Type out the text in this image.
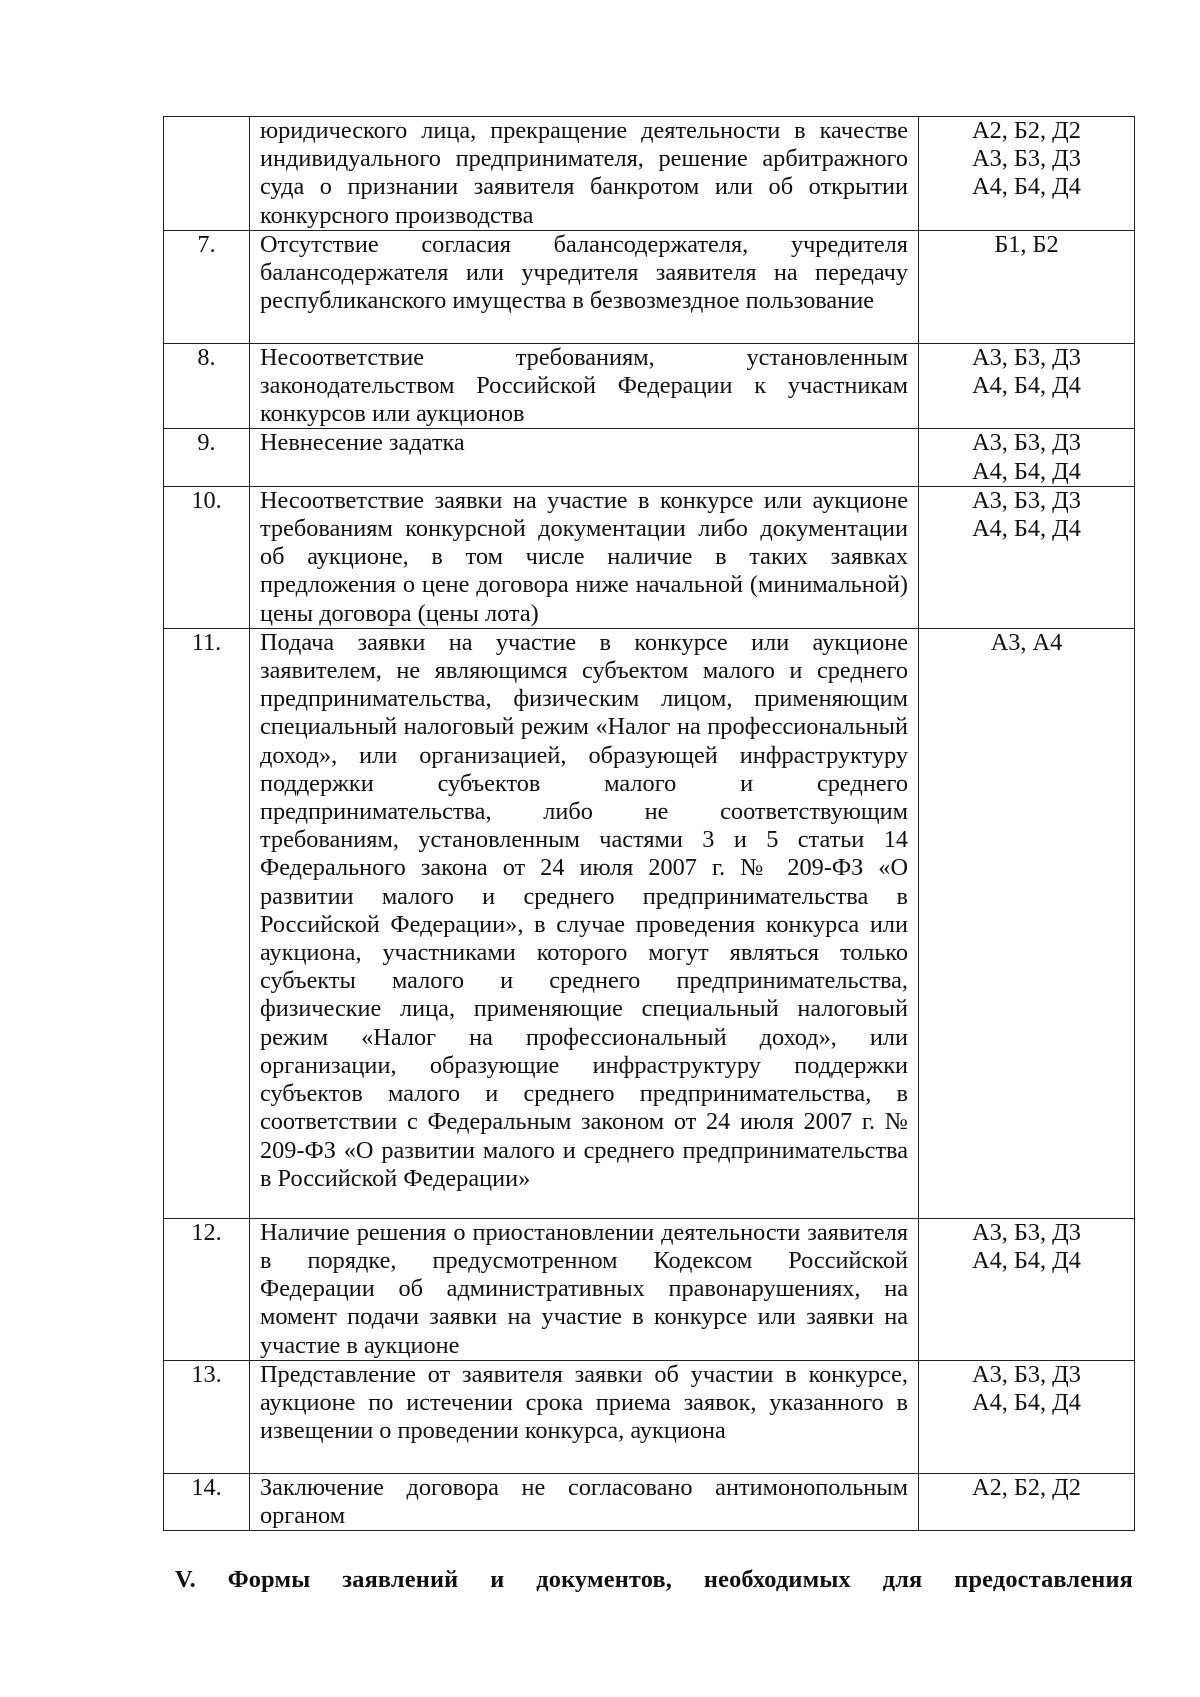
	юридического лица, прекращение деятельности в качестве индивидуального предпринимателя, решение арбитражного суда о признании заявителя банкротом или об открытии конкурсного производства	А2, Б2, Д2
А3, Б3, Д3
А4, Б4, Д4

7.	Отсутствие согласия балансодержателя, учредителя балансодержателя или учредителя заявителя на передачу республиканского имущества в безвозмездное пользование	Б1, Б2

8.	Несоответствие требованиям, установленным законодательством Российской Федерации к участникам конкурсов или аукционов	А3, Б3, Д3
А4, Б4, Д4

9.	Невнесение задатка	А3, Б3, Д3
А4, Б4, Д4

10.	Несоответствие заявки на участие в конкурсе или аукционе требованиям конкурсной документации либо документации об аукционе, в том числе наличие в таких заявках предложения о цене договора ниже начальной (минимальной) цены договора (цены лота)	А3, Б3, Д3
А4, Б4, Д4

11.	Подача заявки на участие в конкурсе или аукционе заявителем, не являющимся субъектом малого и среднего предпринимательства, физическим лицом, применяющим специальный налоговый режим «Налог на профессиональный доход», или организацией, образующей инфраструктуру поддержки субъектов малого и среднего предпринимательства, либо не соответствующим требованиям, установленным частями 3 и 5 статьи 14 Федерального закона от 24 июля 2007 г. № 209-ФЗ «О развитии малого и среднего предпринимательства в Российской Федерации», в случае проведения конкурса или аукциона, участниками которого могут являться только субъекты малого и среднего предпринимательства, физические лица, применяющие специальный налоговый режим «Налог на профессиональный доход», или организации, образующие инфраструктуру поддержки субъектов малого и среднего предпринимательства, в соответствии с Федеральным законом от 24 июля 2007 г. № 209-ФЗ «О развитии малого и среднего предпринимательства в Российской Федерации»	А3, А4

12.	Наличие решения о приостановлении деятельности заявителя в порядке, предусмотренном Кодексом Российской Федерации об административных правонарушениях, на момент подачи заявки на участие в конкурсе или заявки на участие в аукционе	А3, Б3, Д3
А4, Б4, Д4

13.	Представление от заявителя заявки об участии в конкурсе, аукционе по истечении срока приема заявок, указанного в извещении о проведении конкурса, аукциона	А3, Б3, Д3
А4, Б4, Д4

14.	Заключение договора не согласовано антимонопольным органом	А2, Б2, Д2
V. Формы заявлений и документов, необходимых для предоставления
